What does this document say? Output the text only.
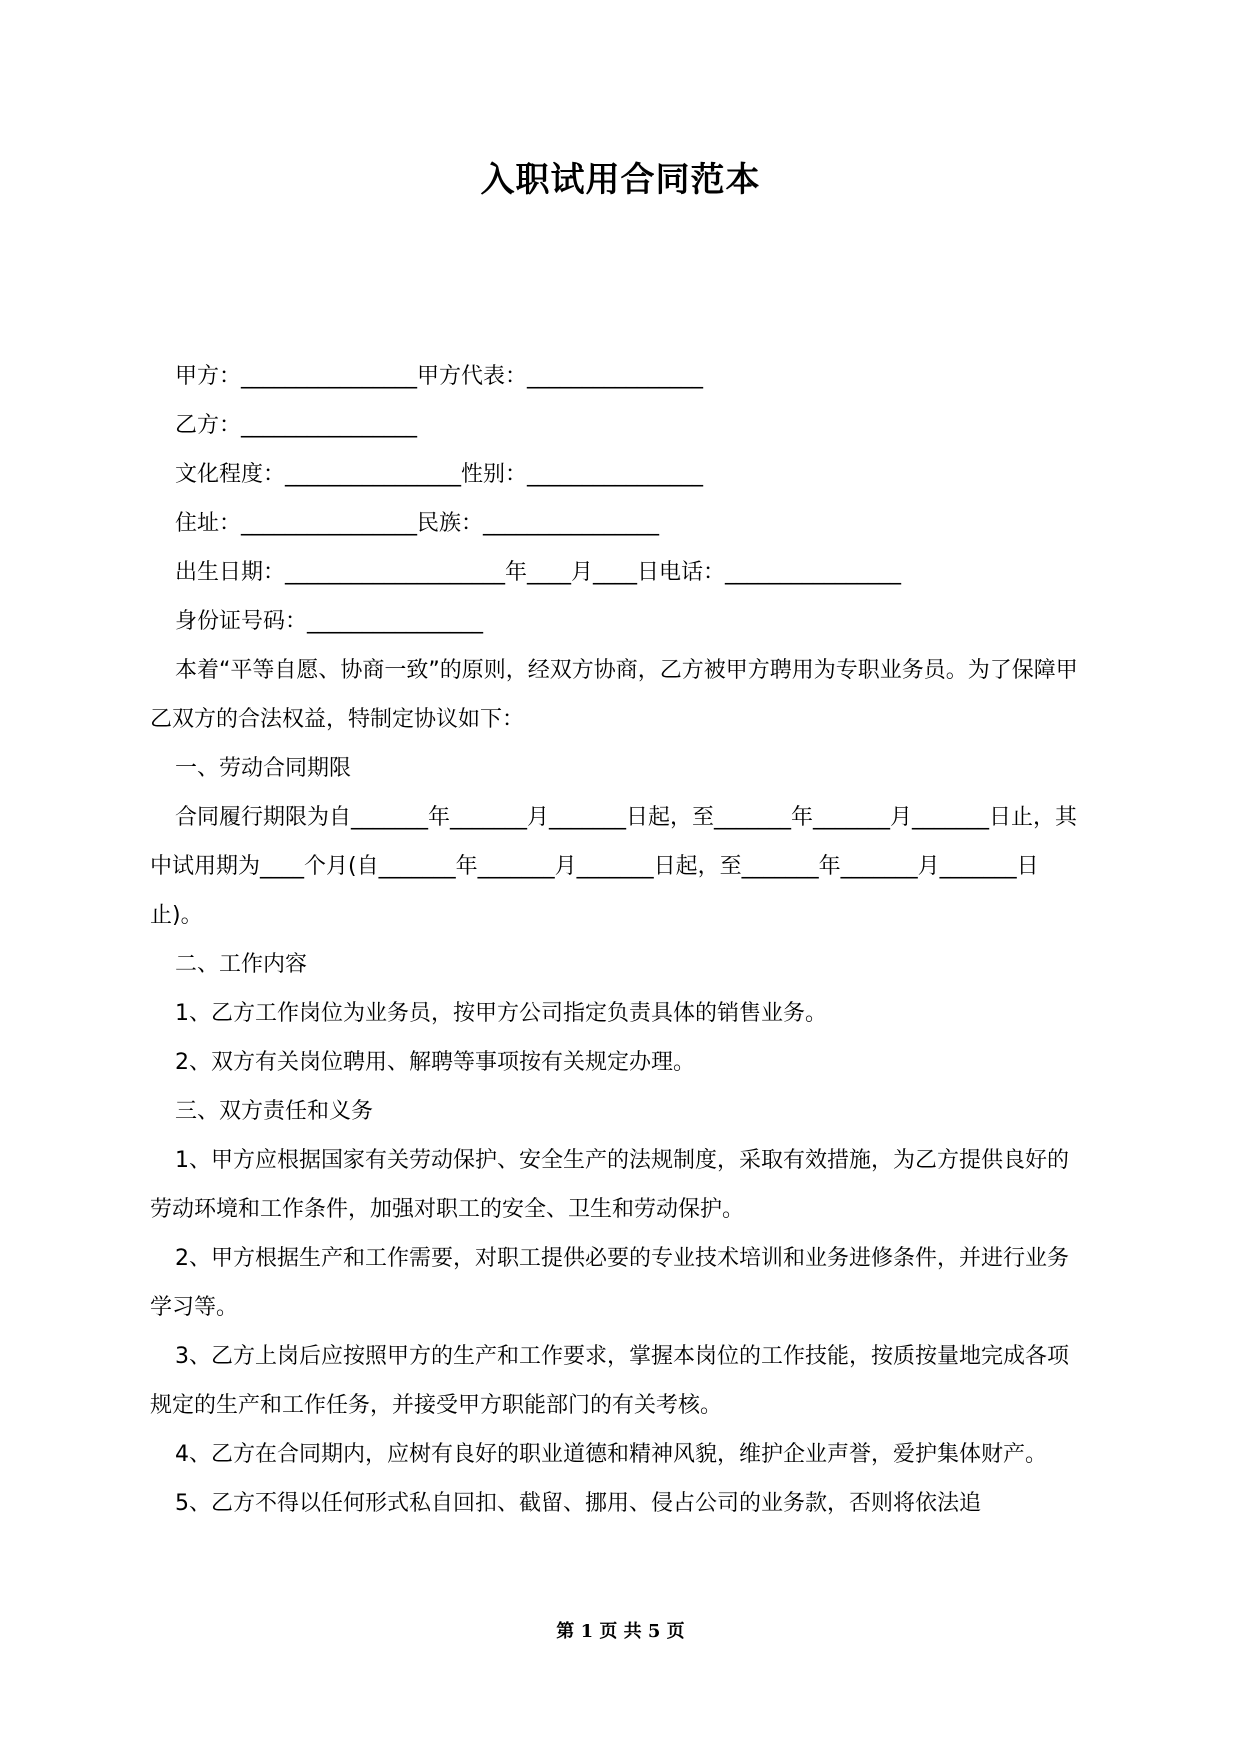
入职试用合同范本

甲方：________________甲方代表：________________

乙方：________________

文化程度：________________性别：________________

住址：________________民族：________________

出生日期：____________________年____月____日电话：________________

身份证号码：________________

本着“平等自愿、协商一致”的原则，经双方协商，乙方被甲方聘用为专职业务员。为了保障甲乙双方的合法权益，特制定协议如下：

一、劳动合同期限

合同履行期限为自_______年_______月_______日起，至_______年_______月_______日止，其中试用期为____个月(自_______年_______月_______日起，至_______年_______月_______日止)。

二、工作内容

1、乙方工作岗位为业务员，按甲方公司指定负责具体的销售业务。

2、双方有关岗位聘用、解聘等事项按有关规定办理。

三、双方责任和义务

1、甲方应根据国家有关劳动保护、安全生产的法规制度，采取有效措施，为乙方提供良好的劳动环境和工作条件，加强对职工的安全、卫生和劳动保护。

2、甲方根据生产和工作需要，对职工提供必要的专业技术培训和业务进修条件，并进行业务学习等。

3、乙方上岗后应按照甲方的生产和工作要求，掌握本岗位的工作技能，按质按量地完成各项规定的生产和工作任务，并接受甲方职能部门的有关考核。

4、乙方在合同期内，应树有良好的职业道德和精神风貌，维护企业声誉，爱护集体财产。

5、乙方不得以任何形式私自回扣、截留、挪用、侵占公司的业务款，否则将依法追

第 1 页 共 5 页
